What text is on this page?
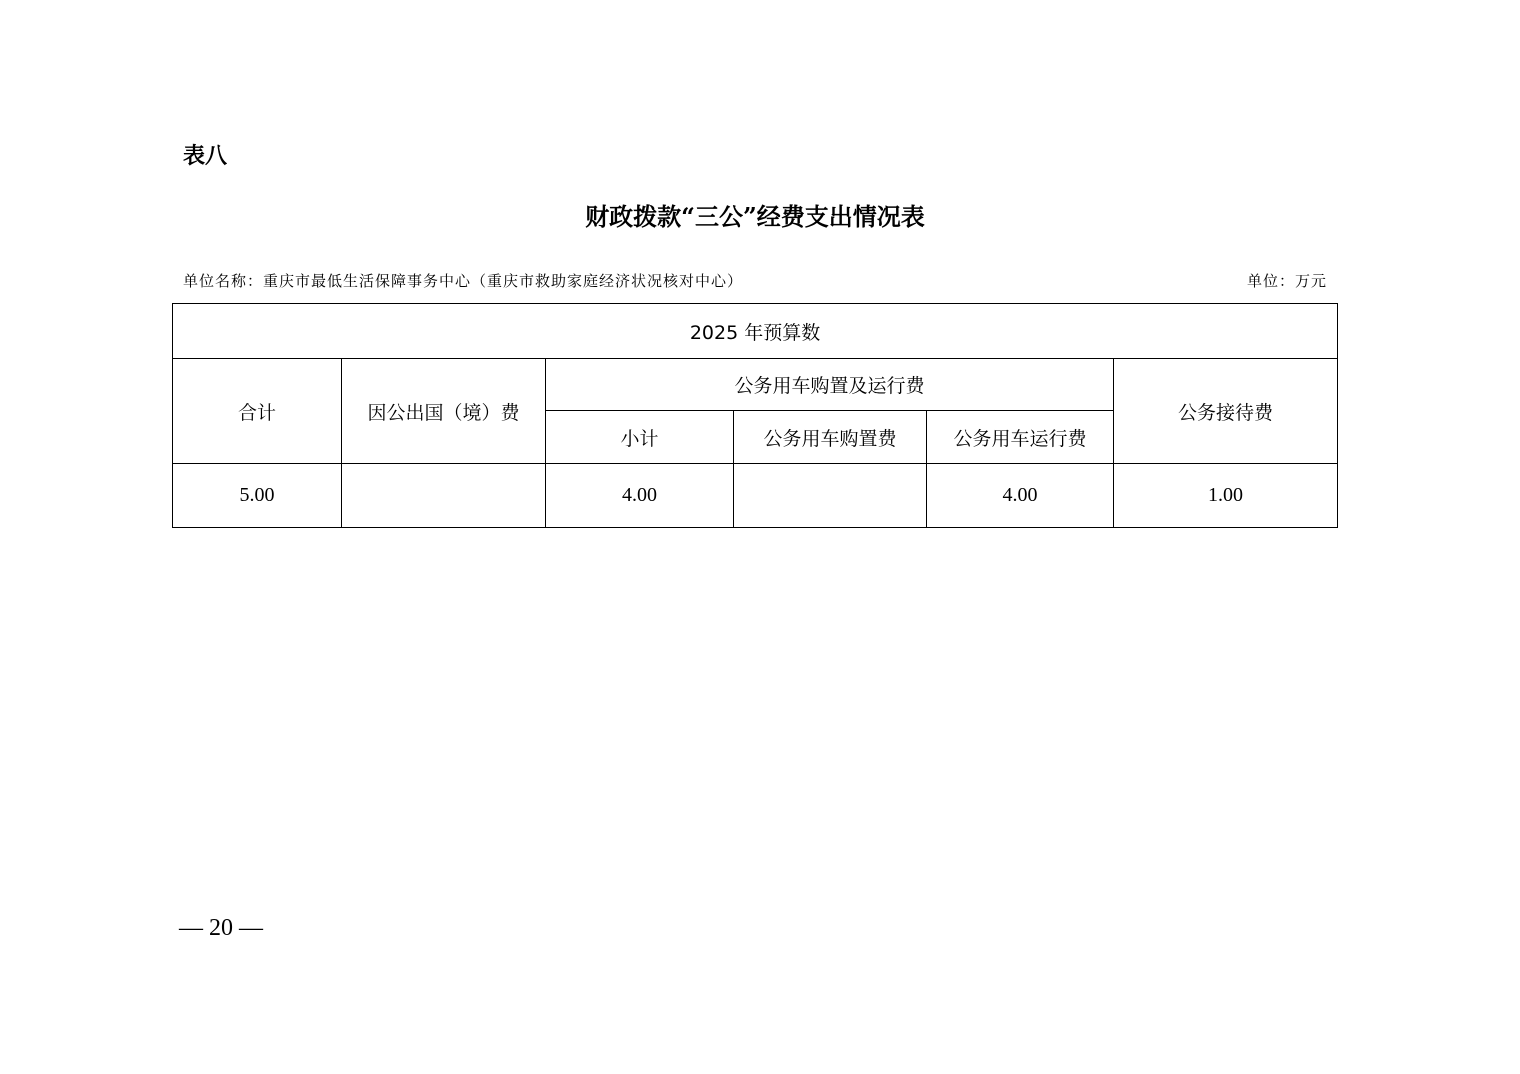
表八
财政拨款“三公”经费支出情况表
单位名称：重庆市最低生活保障事务中心（重庆市救助家庭经济状况核对中心）	单位：万元
2025 年预算数					
合计	因公出国（境）费	公务用车购置及运行费			公务接待费
		小计	公务用车购置费	公务用车运行费	
5.00		4.00		4.00	1.00
— 20 —
